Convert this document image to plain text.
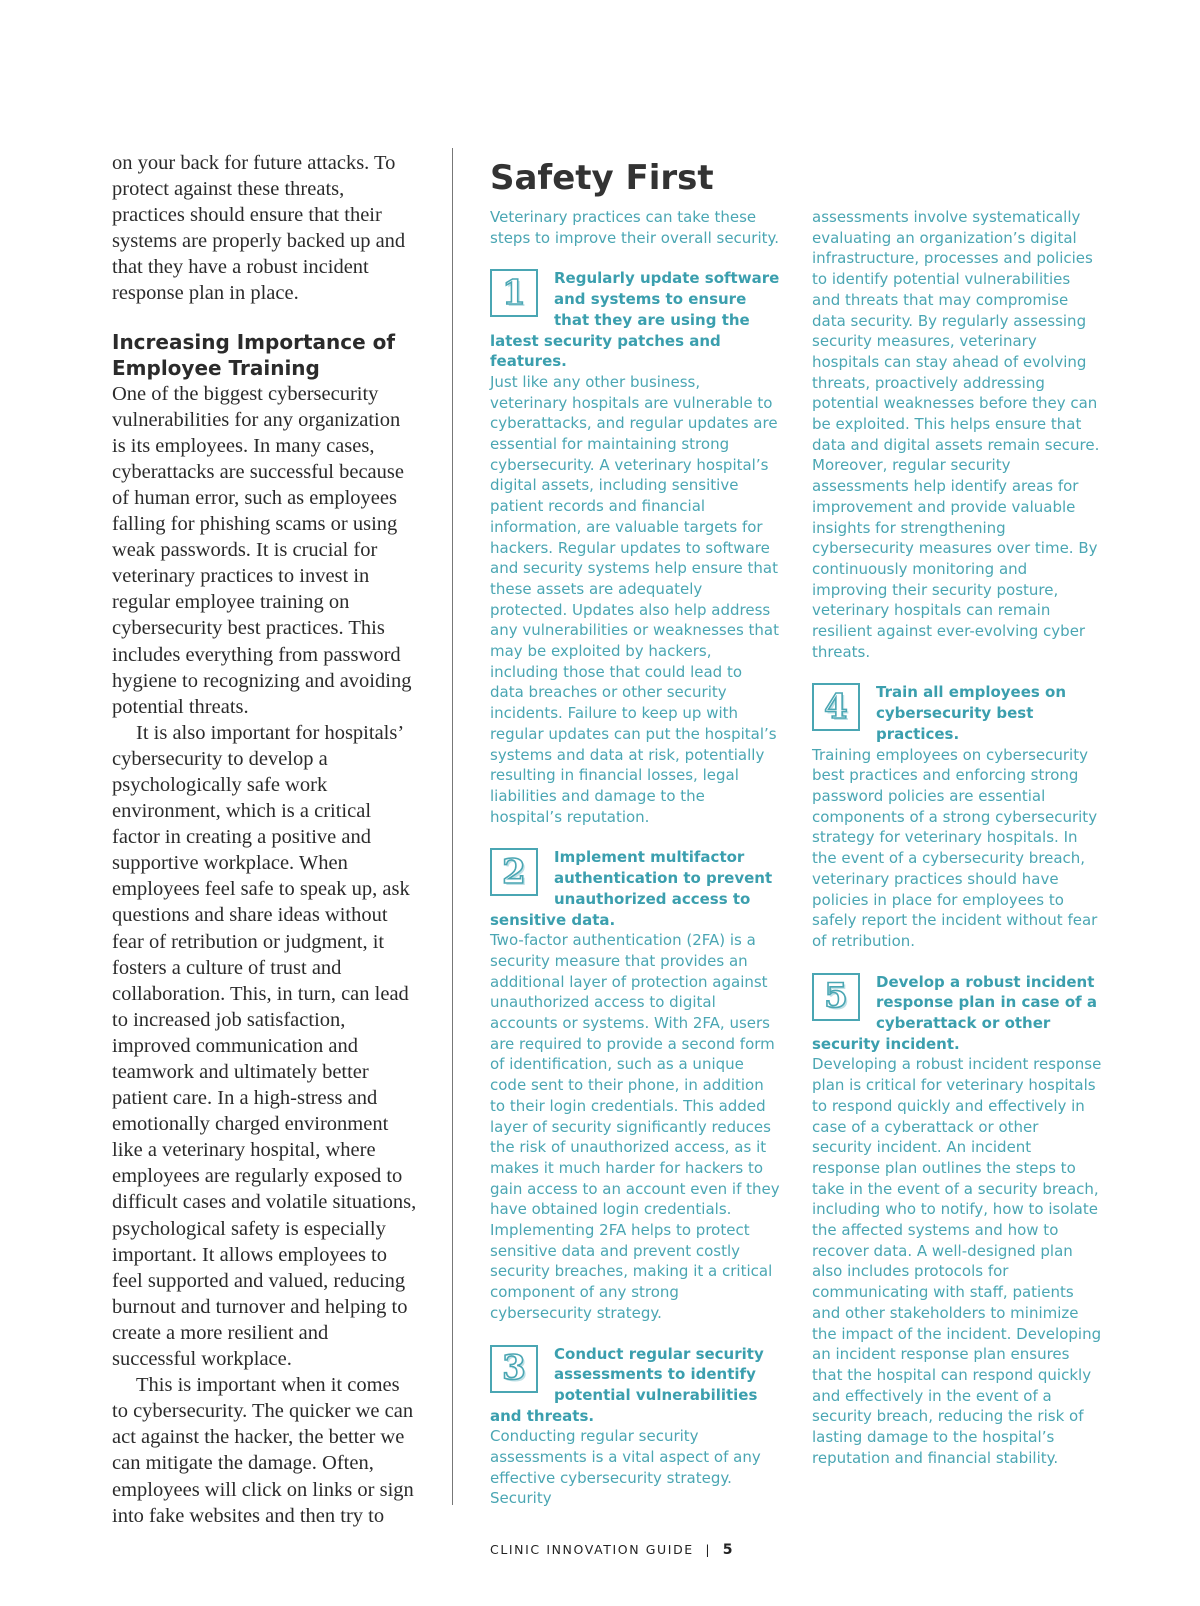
on your back for future attacks. To protect against these threats, practices should ensure that their systems are properly backed up and that they have a robust incident response plan in place.

Increasing Importance of Employee Training

One of the biggest cybersecurity vulnerabilities for any organization is its employees. In many cases, cyberattacks are successful because of human error, such as employees falling for phishing scams or using weak passwords. It is crucial for veterinary practices to invest in regular employee training on cybersecurity best practices. This includes everything from password hygiene to recognizing and avoiding potential threats.

It is also important for hospitals’ cybersecurity to develop a psychologically safe work environment, which is a critical factor in creating a positive and supportive workplace. When employees feel safe to speak up, ask questions and share ideas without fear of retribution or judgment, it fosters a culture of trust and collaboration. This, in turn, can lead to increased job satisfaction, improved communication and teamwork and ultimately better patient care. In a high-stress and emotionally charged environment like a veterinary hospital, where employees are regularly exposed to difficult cases and volatile situations, psychological safety is especially important. It allows employees to feel supported and valued, reducing burnout and turnover and helping to create a more resilient and successful workplace.

This is important when it comes to cybersecurity. The quicker we can act against the hacker, the better we can mitigate the damage. Often, employees will click on links or sign into fake websites and then try to

Safety First

Veterinary practices can take these steps to improve their overall security.

1	Regularly update software and systems to ensure that they are using the latest security patches and features.

Just like any other business, veterinary hospitals are vulnerable to cyberattacks, and regular updates are essential for maintaining strong cybersecurity. A veterinary hospital’s digital assets, including sensitive patient records and financial information, are valuable targets for hackers. Regular updates to software and security systems help ensure that these assets are adequately protected. Updates also help address any vulnerabilities or weaknesses that may be exploited by hackers, including those that could lead to data breaches or other security incidents. Failure to keep up with regular updates can put the hospital’s systems and data at risk, potentially resulting in financial losses, legal liabilities and damage to the hospital’s reputation.

2	Implement multifactor authentication to prevent unauthorized access to sensitive data.

Two-factor authentication (2FA) is a security measure that provides an additional layer of protection against unauthorized access to digital accounts or systems. With 2FA, users are required to provide a second form of identification, such as a unique code sent to their phone, in addition to their login credentials. This added layer of security significantly reduces the risk of unauthorized access, as it makes it much harder for hackers to gain access to an account even if they have obtained login credentials. Implementing 2FA helps to protect sensitive data and prevent costly security breaches, making it a critical component of any strong cybersecurity strategy.

3	Conduct regular security assessments to identify potential vulnerabilities and threats.

Conducting regular security assessments is a vital aspect of any effective cybersecurity strategy. Security

assessments involve systematically evaluating an organization’s digital infrastructure, processes and policies to identify potential vulnerabilities and threats that may compromise data security. By regularly assessing security measures, veterinary hospitals can stay ahead of evolving threats, proactively addressing potential weaknesses before they can be exploited. This helps ensure that data and digital assets remain secure. Moreover, regular security assessments help identify areas for improvement and provide valuable insights for strengthening cybersecurity measures over time. By continuously monitoring and improving their security posture, veterinary hospitals can remain resilient against ever-evolving cyber threats.

4	Train all employees on cybersecurity best practices.

Training employees on cybersecurity best practices and enforcing strong password policies are essential components of a strong cybersecurity strategy for veterinary hospitals. In the event of a cybersecurity breach, veterinary practices should have policies in place for employees to safely report the incident without fear of retribution.

5	Develop a robust incident response plan in case of a cyberattack or other security incident.

Developing a robust incident response plan is critical for veterinary hospitals to respond quickly and effectively in case of a cyberattack or other security incident. An incident response plan outlines the steps to take in the event of a security breach, including who to notify, how to isolate the affected systems and how to recover data. A well-designed plan also includes protocols for communicating with staff, patients and other stakeholders to minimize the impact of the incident. Developing an incident response plan ensures that the hospital can respond quickly and effectively in the event of a security breach, reducing the risk of lasting damage to the hospital’s reputation and financial stability.

CLINIC INNOVATION GUIDE | 5
